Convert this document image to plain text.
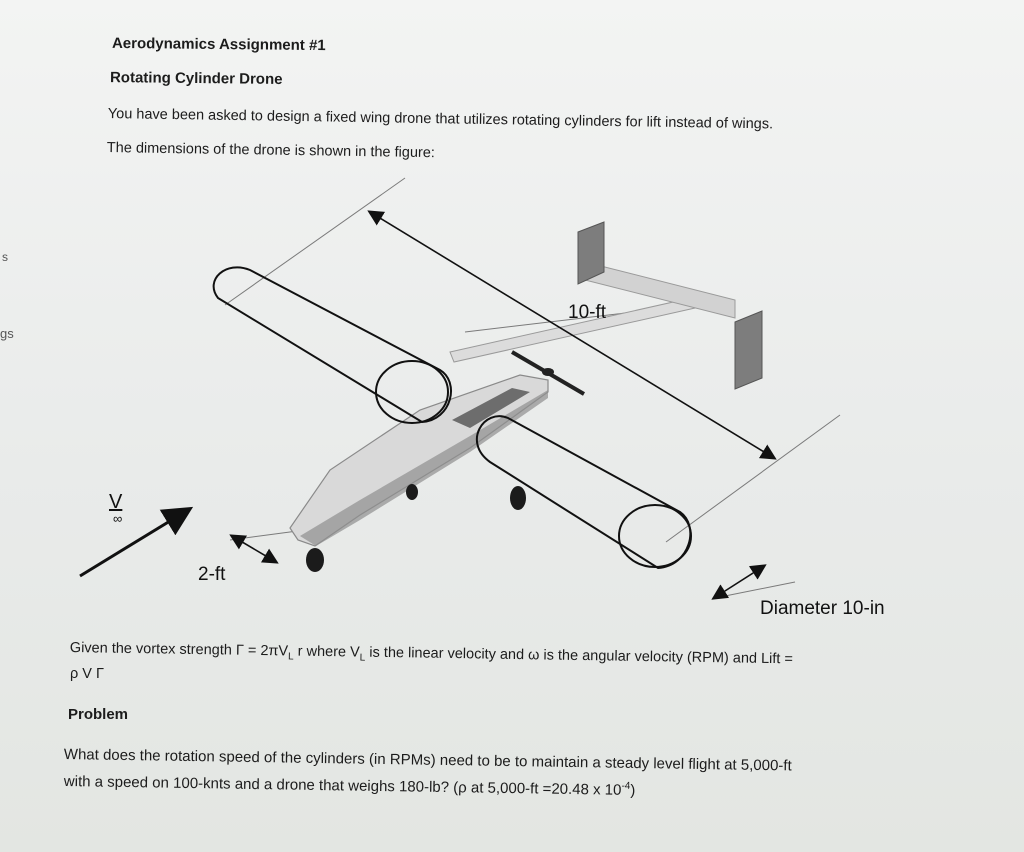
s
gs
Aerodynamics Assignment #1
Rotating Cylinder Drone
You have been asked to design a fixed wing drone that utilizes rotating cylinders for lift instead of wings.
The dimensions of the drone is shown in the figure:
V
∞
10-ft
2-ft
Diameter 10-in
Given the vortex strength $\Gamma = 2\pi V_L$ r where $V_L$ is the linear velocity and ω is the angular velocity (RPM) and Lift =
ρ V Γ
Problem
What does the rotation speed of the cylinders (in RPMs) need to be to maintain a steady level flight at 5,000-ft
with a speed on 100-knts and a drone that weighs 180-lb? (ρ at 5,000-ft =20.48 x $10^{-4}$)
